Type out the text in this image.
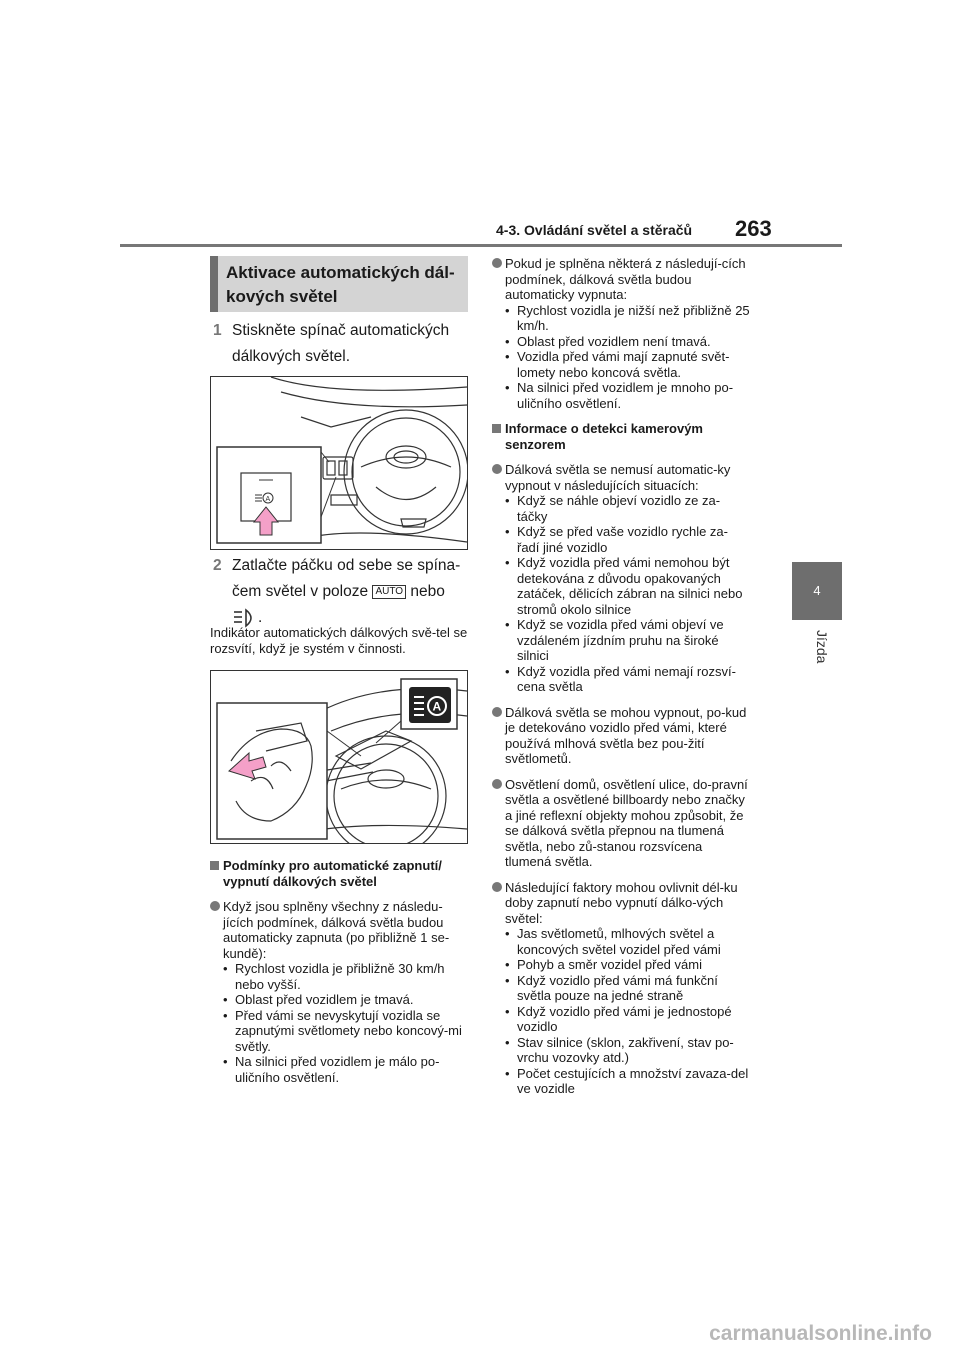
4-3. Ovládání světel a stěračů 263
4
Jízda
Aktivace automatických dál-kových světel
1 Stiskněte spínač automatických dálkových světel.
A
2 Zatlačte páčku od sebe se spína-čem světel v poloze AUTO nebo
.
Indikátor automatických dálkových svě-tel se rozsvítí, když je systém v činnosti.
A
Podmínky pro automatické zapnutí/ vypnutí dálkových světel
Když jsou splněny všechny z následu-jících podmínek, dálková světla budou automaticky zapnuta (po přibližně 1 se-kundě):
• Rychlost vozidla je přibližně 30 km/h nebo vyšší.
• Oblast před vozidlem je tmavá.
• Před vámi se nevyskytují vozidla se zapnutými světlomety nebo koncový-mi světly.
• Na silnici před vozidlem je málo po-uličního osvětlení.
Pokud je splněna některá z následují-cích podmínek, dálková světla budou automaticky vypnuta:
• Rychlost vozidla je nižší než přibližně 25 km/h.
• Oblast před vozidlem není tmavá.
• Vozidla před vámi mají zapnuté svět-lomety nebo koncová světla.
• Na silnici před vozidlem je mnoho po-uličního osvětlení.
Informace o detekci kamerovým senzorem
Dálková světla se nemusí automatic-ky vypnout v následujících situacích:
• Když se náhle objeví vozidlo ze za-táčky
• Když se před vaše vozidlo rychle za-řadí jiné vozidlo
• Když vozidla před vámi nemohou být detekována z důvodu opakovaných zatáček, dělicích zábran na silnici nebo stromů okolo silnice
• Když se vozidla před vámi objeví ve vzdáleném jízdním pruhu na široké silnici
• Když vozidla před vámi nemají rozsví-cena světla
Dálková světla se mohou vypnout, po-kud je detekováno vozidlo před vámi, které používá mlhová světla bez pou-žití světlometů.
Osvětlení domů, osvětlení ulice, do-pravní světla a osvětlené billboardy nebo značky a jiné reflexní objekty mohou způsobit, že se dálková světla přepnou na tlumená světla, nebo zů-stanou rozsvícena tlumená světla.
Následující faktory mohou ovlivnit dél-ku doby zapnutí nebo vypnutí dálko-vých světel:
• Jas světlometů, mlhových světel a koncových světel vozidel před vámi
• Pohyb a směr vozidel před vámi
• Když vozidlo před vámi má funkční světla pouze na jedné straně
• Když vozidlo před vámi je jednostopé vozidlo
• Stav silnice (sklon, zakřivení, stav po-vrchu vozovky atd.)
• Počet cestujících a množství zavaza-del ve vozidle
carmanualsonline.info
